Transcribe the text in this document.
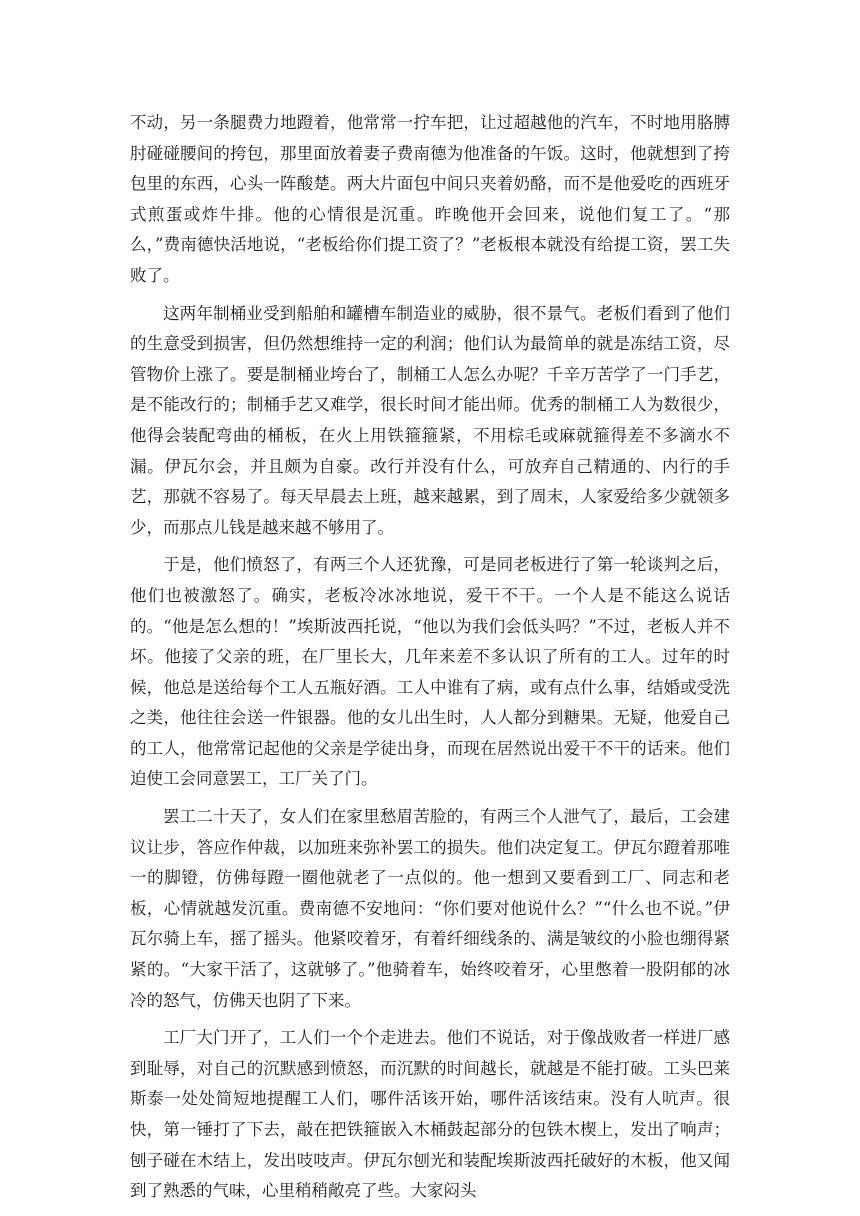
不动，另一条腿费力地蹬着，他常常一拧车把，让过超越他的汽车，不时地用胳膊肘碰碰腰间的挎包，那里面放着妻子费南德为他准备的午饭。这时，他就想到了挎包里的东西，心头一阵酸楚。两大片面包中间只夹着奶酪，而不是他爱吃的西班牙式煎蛋或炸牛排。他的心情很是沉重。昨晚他开会回来，说他们复工了。“那么，”费南德快活地说，“老板给你们提工资了？”老板根本就没有给提工资，罢工失败了。

这两年制桶业受到船舶和罐槽车制造业的威胁，很不景气。老板们看到了他们的生意受到损害，但仍然想维持一定的利润；他们认为最简单的就是冻结工资，尽管物价上涨了。要是制桶业垮台了，制桶工人怎么办呢？千辛万苦学了一门手艺，是不能改行的；制桶手艺又难学，很长时间才能出师。优秀的制桶工人为数很少，他得会装配弯曲的桶板，在火上用铁箍箍紧，不用棕毛或麻就箍得差不多滴水不漏。伊瓦尔会，并且颇为自豪。改行并没有什么，可放弃自己精通的、内行的手艺，那就不容易了。每天早晨去上班，越来越累，到了周末，人家爱给多少就领多少，而那点儿钱是越来越不够用了。

于是，他们愤怒了，有两三个人还犹豫，可是同老板进行了第一轮谈判之后，他们也被激怒了。确实，老板冷冰冰地说，爱干不干。一个人是不能这么说话的。“他是怎么想的！”埃斯波西托说，“他以为我们会低头吗？”不过，老板人并不坏。他接了父亲的班，在厂里长大，几年来差不多认识了所有的工人。过年的时候，他总是送给每个工人五瓶好酒。工人中谁有了病，或有点什么事，结婚或受洗之类，他往往会送一件银器。他的女儿出生时，人人都分到糖果。无疑，他爱自己的工人，他常常记起他的父亲是学徒出身，而现在居然说出爱干不干的话来。他们迫使工会同意罢工，工厂关了门。

罢工二十天了，女人们在家里愁眉苦脸的，有两三个人泄气了，最后，工会建议让步，答应作仲裁，以加班来弥补罢工的损失。他们决定复工。伊瓦尔蹬着那唯一的脚镫，仿佛每蹬一圈他就老了一点似的。他一想到又要看到工厂、同志和老板，心情就越发沉重。费南德不安地问：“你们要对他说什么？”“什么也不说。”伊瓦尔骑上车，摇了摇头。他紧咬着牙，有着纤细线条的、满是皱纹的小脸也绷得紧紧的。“大家干活了，这就够了。”他骑着车，始终咬着牙，心里憋着一股阴郁的冰冷的怒气，仿佛天也阴了下来。

工厂大门开了，工人们一个个走进去。他们不说话，对于像战败者一样进厂感到耻辱，对自己的沉默感到愤怒，而沉默的时间越长，就越是不能打破。工头巴莱斯泰一处处简短地提醒工人们，哪件活该开始，哪件活该结束。没有人吭声。很快，第一锤打了下去，敲在把铁箍嵌入木桶鼓起部分的包铁木楔上，发出了响声；刨子碰在木结上，发出吱吱声。伊瓦尔刨光和装配埃斯波西托破好的木板，他又闻到了熟悉的气味，心里稍稍敞亮了些。大家闷头
